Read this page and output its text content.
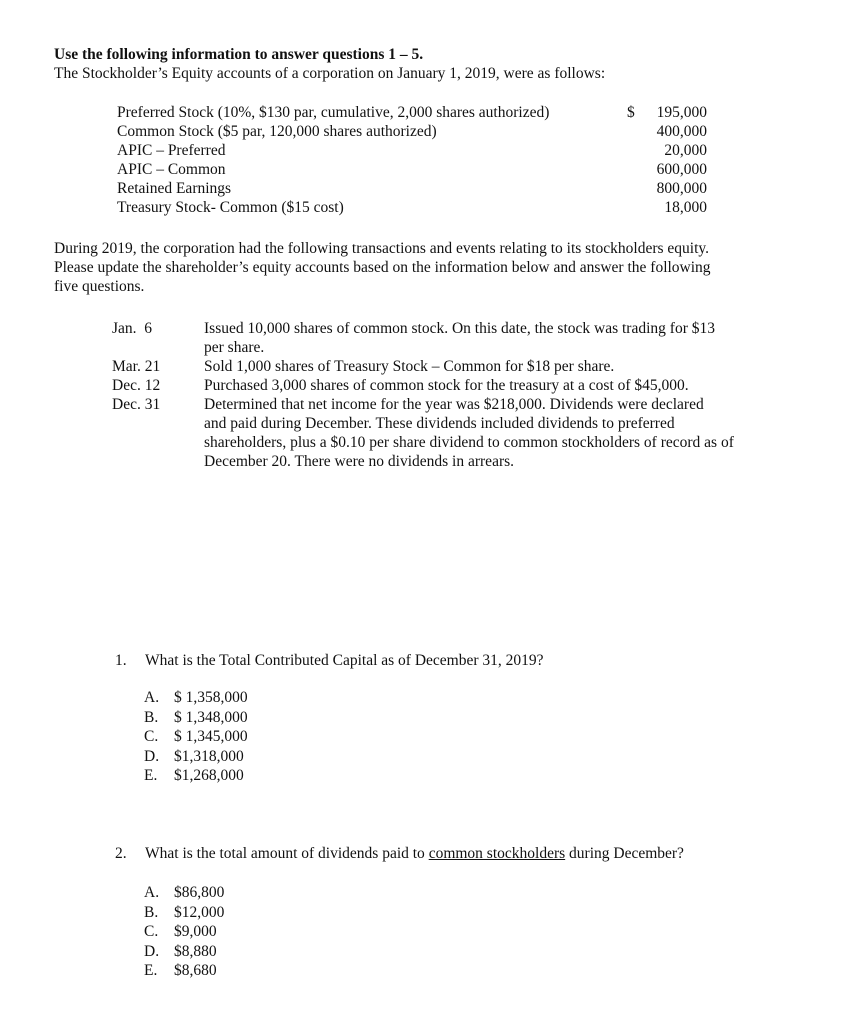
Use the following information to answer questions 1 – 5.
The Stockholder’s Equity accounts of a corporation on January 1, 2019, were as follows:
Preferred Stock (10%, $130 par, cumulative, 2,000 shares authorized)	$ 195,000
Common Stock ($5 par, 120,000 shares authorized)	400,000
APIC – Preferred	20,000
APIC – Common	600,000
Retained Earnings	800,000
Treasury Stock- Common ($15 cost)	18,000
During 2019, the corporation had the following transactions and events relating to its stockholders equity.
Please update the shareholder’s equity accounts based on the information below and answer the following
five questions.
Jan.  6	Issued 10,000 shares of common stock. On this date, the stock was trading for $13
per share.
Mar. 21	Sold 1,000 shares of Treasury Stock – Common for $18 per share.
Dec. 12	Purchased 3,000 shares of common stock for the treasury at a cost of $45,000.
Dec. 31	Determined that net income for the year was $218,000. Dividends were declared
and paid during December. These dividends included dividends to preferred
shareholders, plus a $0.10 per share dividend to common stockholders of record as of
December 20. There were no dividends in arrears.
1. What is the Total Contributed Capital as of December 31, 2019?
A. $ 1,358,000
B. $ 1,348,000
C. $ 1,345,000
D. $1,318,000
E. $1,268,000
2. What is the total amount of dividends paid to common stockholders during December?
A. $86,800
B. $12,000
C. $9,000
D. $8,880
E. $8,680
